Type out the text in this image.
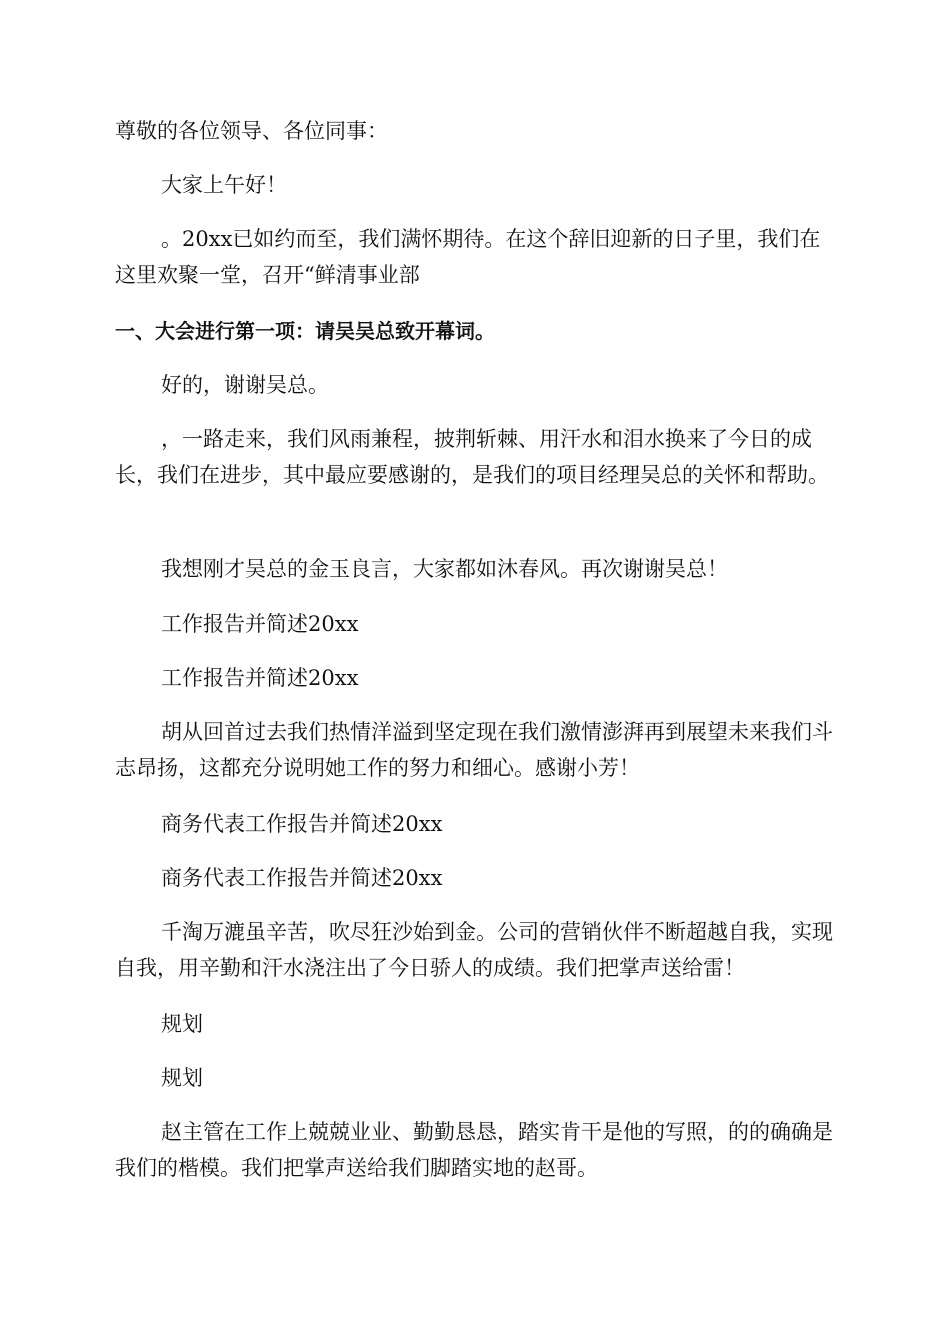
尊敬的各位领导、各位同事：

大家上午好！

。20xx已如约而至，我们满怀期待。在这个辞旧迎新的日子里，我们在这里欢聚一堂，召开“鲜清事业部

一、大会进行第一项：请吴吴总致开幕词。

好的，谢谢吴总。

，一路走来，我们风雨兼程，披荆斩棘、用汗水和泪水换来了今日的成长，我们在进步，其中最应要感谢的，是我们的项目经理吴总的关怀和帮助。

我想刚才吴总的金玉良言，大家都如沐春风。再次谢谢吴总！

工作报告并简述20xx

工作报告并简述20xx

胡从回首过去我们热情洋溢到坚定现在我们激情澎湃再到展望未来我们斗志昂扬，这都充分说明她工作的努力和细心。感谢小芳！

商务代表工作报告并简述20xx

商务代表工作报告并简述20xx

千淘万漉虽辛苦，吹尽狂沙始到金。公司的营销伙伴不断超越自我，实现自我，用辛勤和汗水浇注出了今日骄人的成绩。我们把掌声送给雷！

规划

规划

赵主管在工作上兢兢业业、勤勤恳恳，踏实肯干是他的写照，的的确确是我们的楷模。我们把掌声送给我们脚踏实地的赵哥。
